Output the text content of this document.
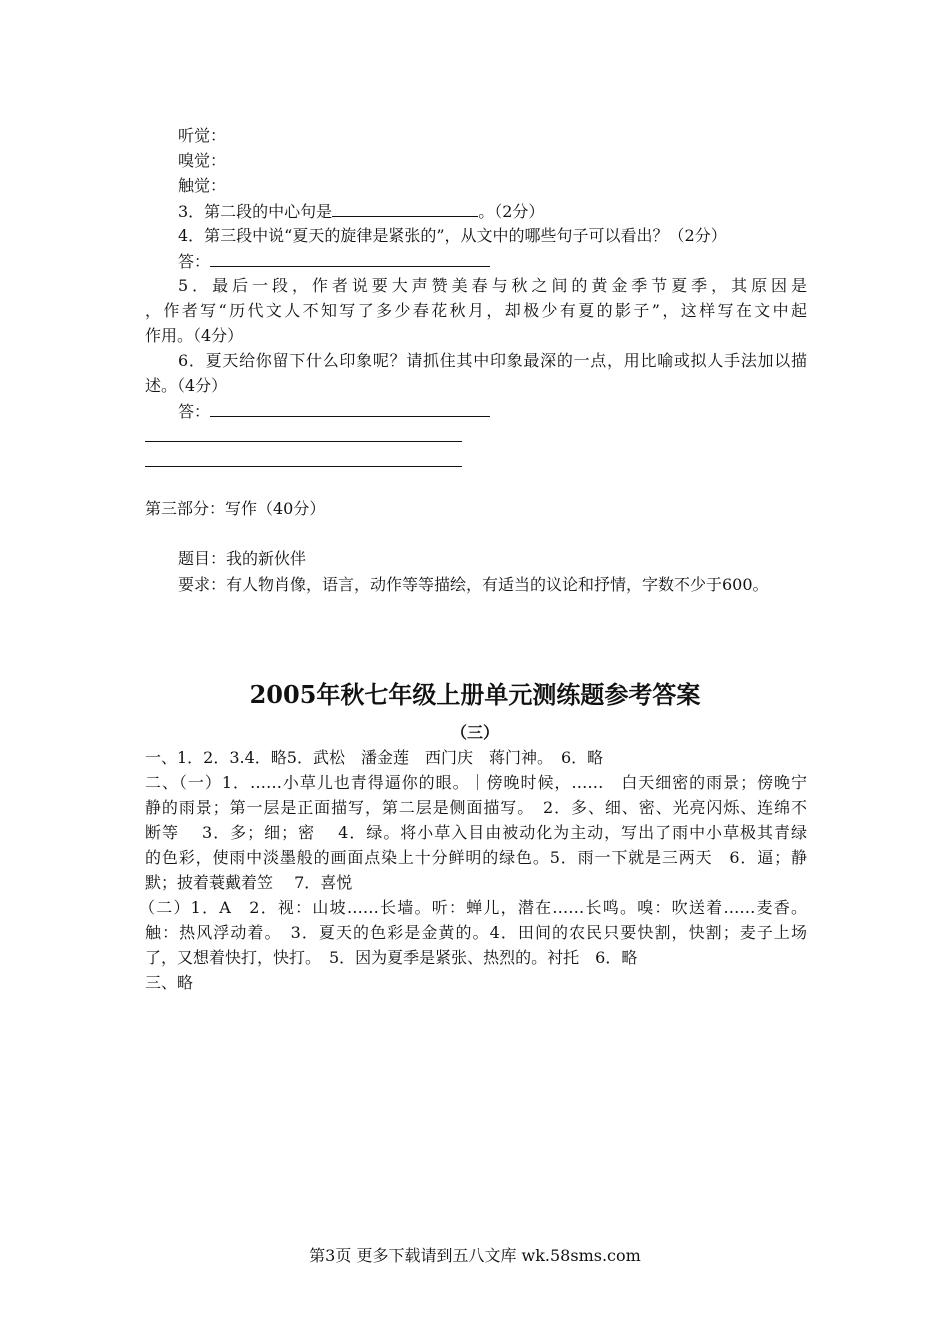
听觉：
嗅觉：
触觉：
3．第二段的中心句是	。（2分）
4．第三段中说“夏天的旋律是紧张的”，从文中的哪些句子可以看出？（2分）
答：
5．最后一段，作者说要大声赞美春与秋之间的黄金季节夏季，其原因是
，作者写“历代文人不知写了多少春花秋月，却极少有夏的影子”，这样写在文中起
作用。（4分）
6．夏天给你留下什么印象呢？请抓住其中印象最深的一点，用比喻或拟人手法加以描
述。（4分）
答：
第三部分：写作（40分）
题目：我的新伙伴
要求：有人物肖像，语言，动作等等描绘，有适当的议论和抒情，字数不少于600。
2005年秋七年级上册单元测练题参考答案
（三）
一、1．2．3.4．略5．武松　潘金莲　西门庆　蒋门神。　6．略
二、（一）1．……小草儿也青得逼你的眼。｜傍晚时候，……　白天细密的雨景；傍晚宁
静的雨景；第一层是正面描写，第二层是侧面描写。　2．多、细、密、光亮闪烁、连绵不
断等　 3．多；细；密　 4．绿。将小草入目由被动化为主动，写出了雨中小草极其青绿
的色彩，使雨中淡墨般的画面点染上十分鲜明的绿色。5．雨一下就是三两天　6．逼；静
默；披着蓑戴着笠　 7．喜悦
（二）1．A　2．视：山坡……长墙。听：蝉儿，潜在……长鸣。嗅：吹送着……麦香。
触：热风浮动着。　3．夏天的色彩是金黄的。4．田间的农民只要快割，快割；麦子上场
了，又想着快打，快打。　5．因为夏季是紧张、热烈的。衬托　6．略
三、略
第3页 更多下载请到五八文库 wk.58sms.com
